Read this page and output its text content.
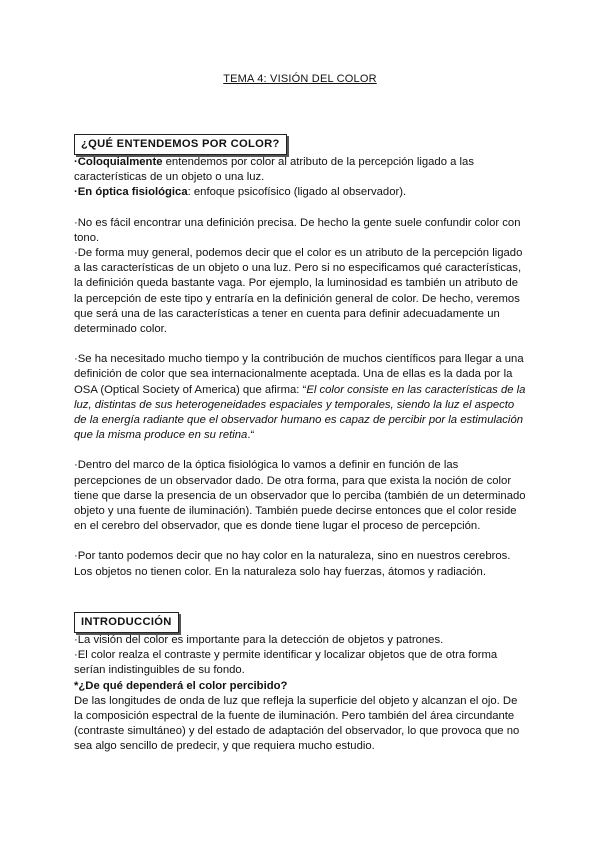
TEMA 4: VISIÓN DEL COLOR
¿QUÉ ENTENDEMOS POR COLOR?

·Coloquialmente entendemos por color al atributo de la percepción ligado a las características de un objeto o una luz.

·En óptica fisiológica: enfoque psicofísico (ligado al observador).

·No es fácil encontrar una definición precisa. De hecho la gente suele confundir color con tono.

·De forma muy general, podemos decir que el color es un atributo de la percepción ligado a las características de un objeto o una luz. Pero si no especificamos qué características, la definición queda bastante vaga. Por ejemplo, la luminosidad es también un atributo de la percepción de este tipo y entraría en la definición general de color. De hecho, veremos que será una de las características a tener en cuenta para definir adecuadamente un determinado color.

·Se ha necesitado mucho tiempo y la contribución de muchos científicos para llegar a una definición de color que sea internacionalmente aceptada. Una de ellas es la dada por la OSA (Optical Society of America) que afirma: “El color consiste en las características de la luz, distintas de sus heterogeneidades espaciales y temporales, siendo la luz el aspecto de la energía radiante que el observador humano es capaz de percibir por la estimulación que la misma produce en su retina.“

·Dentro del marco de la óptica fisiológica lo vamos a definir en función de las percepciones de un observador dado. De otra forma, para que exista la noción de color tiene que darse la presencia de un observador que lo perciba (también de un determinado objeto y una fuente de iluminación). También puede decirse entonces que el color reside en el cerebro del observador, que es donde tiene lugar el proceso de percepción.

·Por tanto podemos decir que no hay color en la naturaleza, sino en nuestros cerebros. Los objetos no tienen color. En la naturaleza solo hay fuerzas, átomos y radiación.

INTRODUCCIÓN

·La visión del color es importante para la detección de objetos y patrones.

·El color realza el contraste y permite identificar y localizar objetos que de otra forma serían indistinguibles de su fondo.

*¿De qué dependerá el color percibido?

De las longitudes de onda de luz que refleja la superficie del objeto y alcanzan el ojo. De la composición espectral de la fuente de iluminación. Pero también del área circundante (contraste simultáneo) y del estado de adaptación del observador, lo que provoca que no sea algo sencillo de predecir, y que requiera mucho estudio.
